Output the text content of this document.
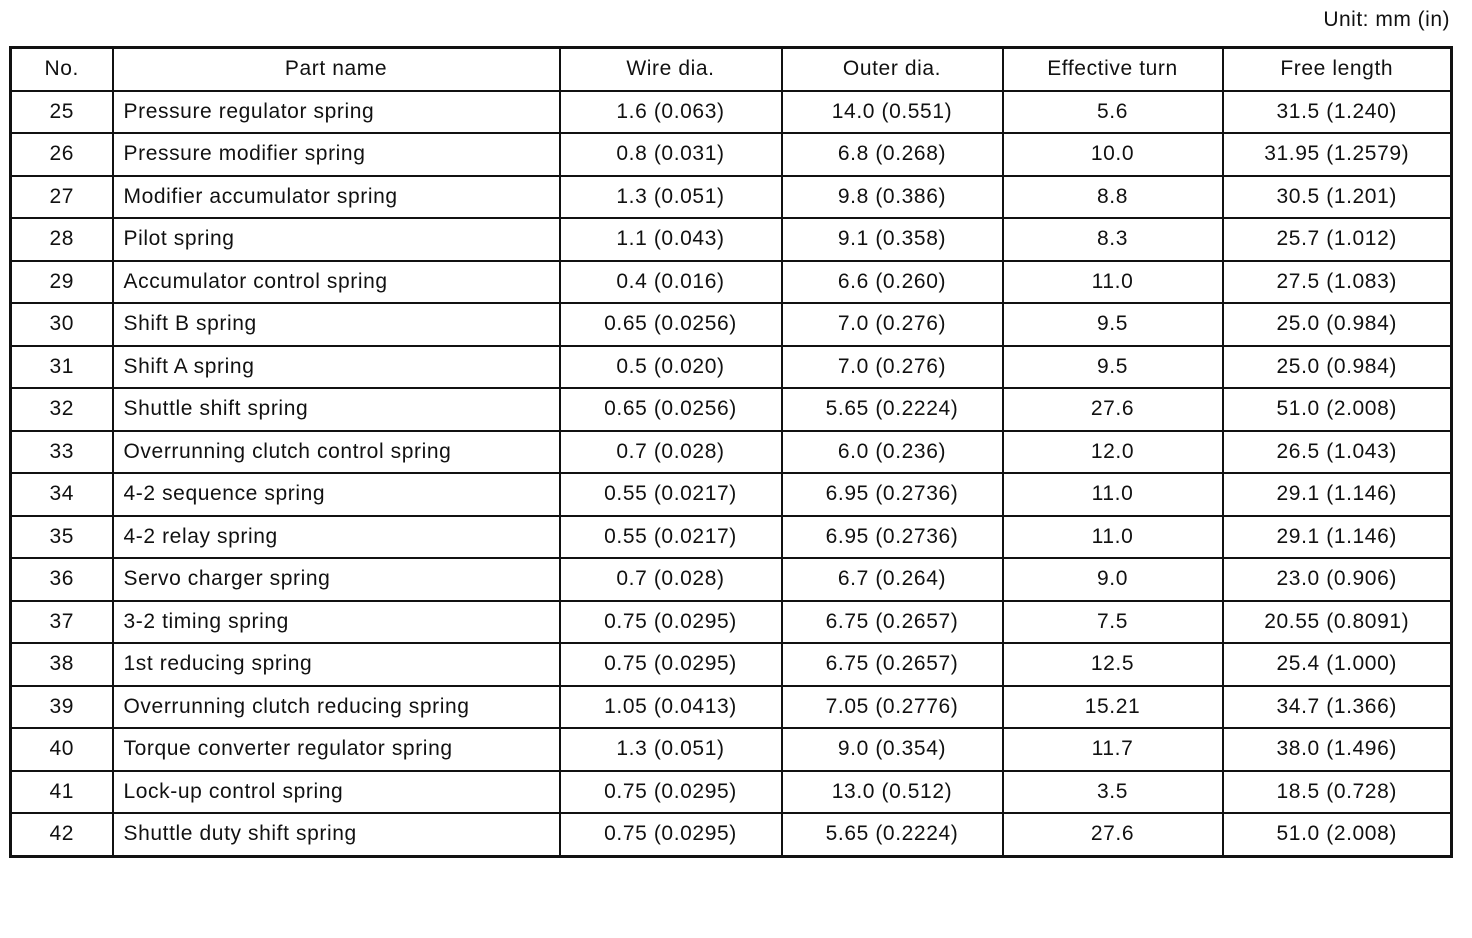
Unit: mm (in)
No.	Part name	Wire dia.	Outer dia.	Effective turn	Free length
25	Pressure regulator spring	1.6 (0.063)	14.0 (0.551)	5.6	31.5 (1.240)
26	Pressure modifier spring	0.8 (0.031)	6.8 (0.268)	10.0	31.95 (1.2579)
27	Modifier accumulator spring	1.3 (0.051)	9.8 (0.386)	8.8	30.5 (1.201)
28	Pilot spring	1.1 (0.043)	9.1 (0.358)	8.3	25.7 (1.012)
29	Accumulator control spring	0.4 (0.016)	6.6 (0.260)	11.0	27.5 (1.083)
30	Shift B spring	0.65 (0.0256)	7.0 (0.276)	9.5	25.0 (0.984)
31	Shift A spring	0.5 (0.020)	7.0 (0.276)	9.5	25.0 (0.984)
32	Shuttle shift spring	0.65 (0.0256)	5.65 (0.2224)	27.6	51.0 (2.008)
33	Overrunning clutch control spring	0.7 (0.028)	6.0 (0.236)	12.0	26.5 (1.043)
34	4-2 sequence spring	0.55 (0.0217)	6.95 (0.2736)	11.0	29.1 (1.146)
35	4-2 relay spring	0.55 (0.0217)	6.95 (0.2736)	11.0	29.1 (1.146)
36	Servo charger spring	0.7 (0.028)	6.7 (0.264)	9.0	23.0 (0.906)
37	3-2 timing spring	0.75 (0.0295)	6.75 (0.2657)	7.5	20.55 (0.8091)
38	1st reducing spring	0.75 (0.0295)	6.75 (0.2657)	12.5	25.4 (1.000)
39	Overrunning clutch reducing spring	1.05 (0.0413)	7.05 (0.2776)	15.21	34.7 (1.366)
40	Torque converter regulator spring	1.3 (0.051)	9.0 (0.354)	11.7	38.0 (1.496)
41	Lock-up control spring	0.75 (0.0295)	13.0 (0.512)	3.5	18.5 (0.728)
42	Shuttle duty shift spring	0.75 (0.0295)	5.65 (0.2224)	27.6	51.0 (2.008)
